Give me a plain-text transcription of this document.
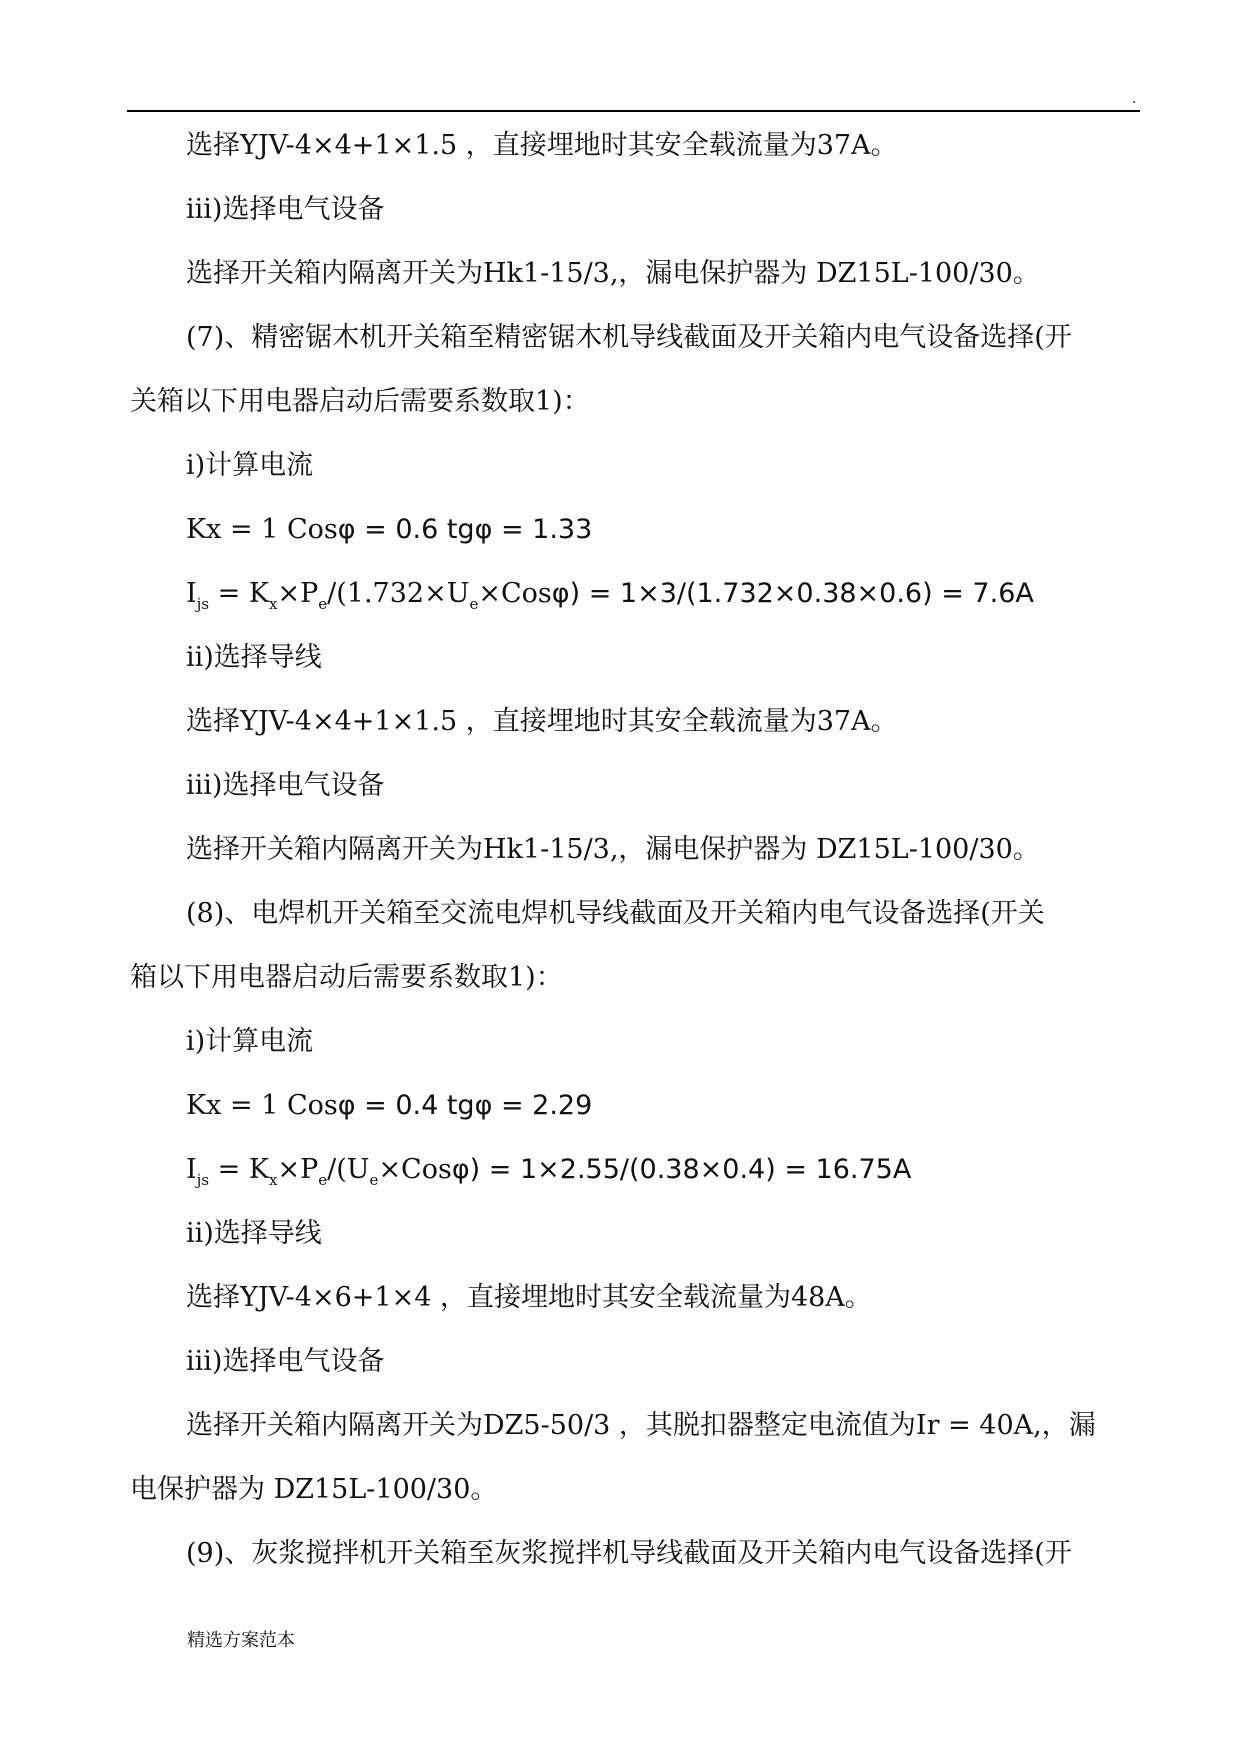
.
选择YJV-4×4+1×1.5 ，直接埋地时其安全载流量为37A。
iii)选择电气设备
选择开关箱内隔离开关为Hk1-15/3,，漏电保护器为 DZ15L-100/30。
(7)、精密锯木机开关箱至精密锯木机导线截面及开关箱内电气设备选择(开
关箱以下用电器启动后需要系数取1)：
i)计算电流
Kx = 1 Cosφ = 0.6 tgφ = 1.33
$I_{js} = K_x\times P_e/(1.732\times U_e\times Cos\varphi) = 1\times 3/(1.732\times 0.38\times 0.6) = 7.6A$
ii)选择导线
选择YJV-4×4+1×1.5 ，直接埋地时其安全载流量为37A。
iii)选择电气设备
选择开关箱内隔离开关为Hk1-15/3,，漏电保护器为 DZ15L-100/30。
(8)、电焊机开关箱至交流电焊机导线截面及开关箱内电气设备选择(开关
箱以下用电器启动后需要系数取1)：
i)计算电流
Kx = 1 Cosφ = 0.4 tgφ = 2.29
$I_{js} = K_x\times P_e/(U_e\times Cos\varphi) = 1\times 2.55/(0.38\times 0.4) = 16.75A$
ii)选择导线
选择YJV-4×6+1×4 ，直接埋地时其安全载流量为48A。
iii)选择电气设备
选择开关箱内隔离开关为DZ5-50/3 ，其脱扣器整定电流值为Ir = 40A,，漏
电保护器为 DZ15L-100/30。
(9)、灰浆搅拌机开关箱至灰浆搅拌机导线截面及开关箱内电气设备选择(开
精选方案范本
